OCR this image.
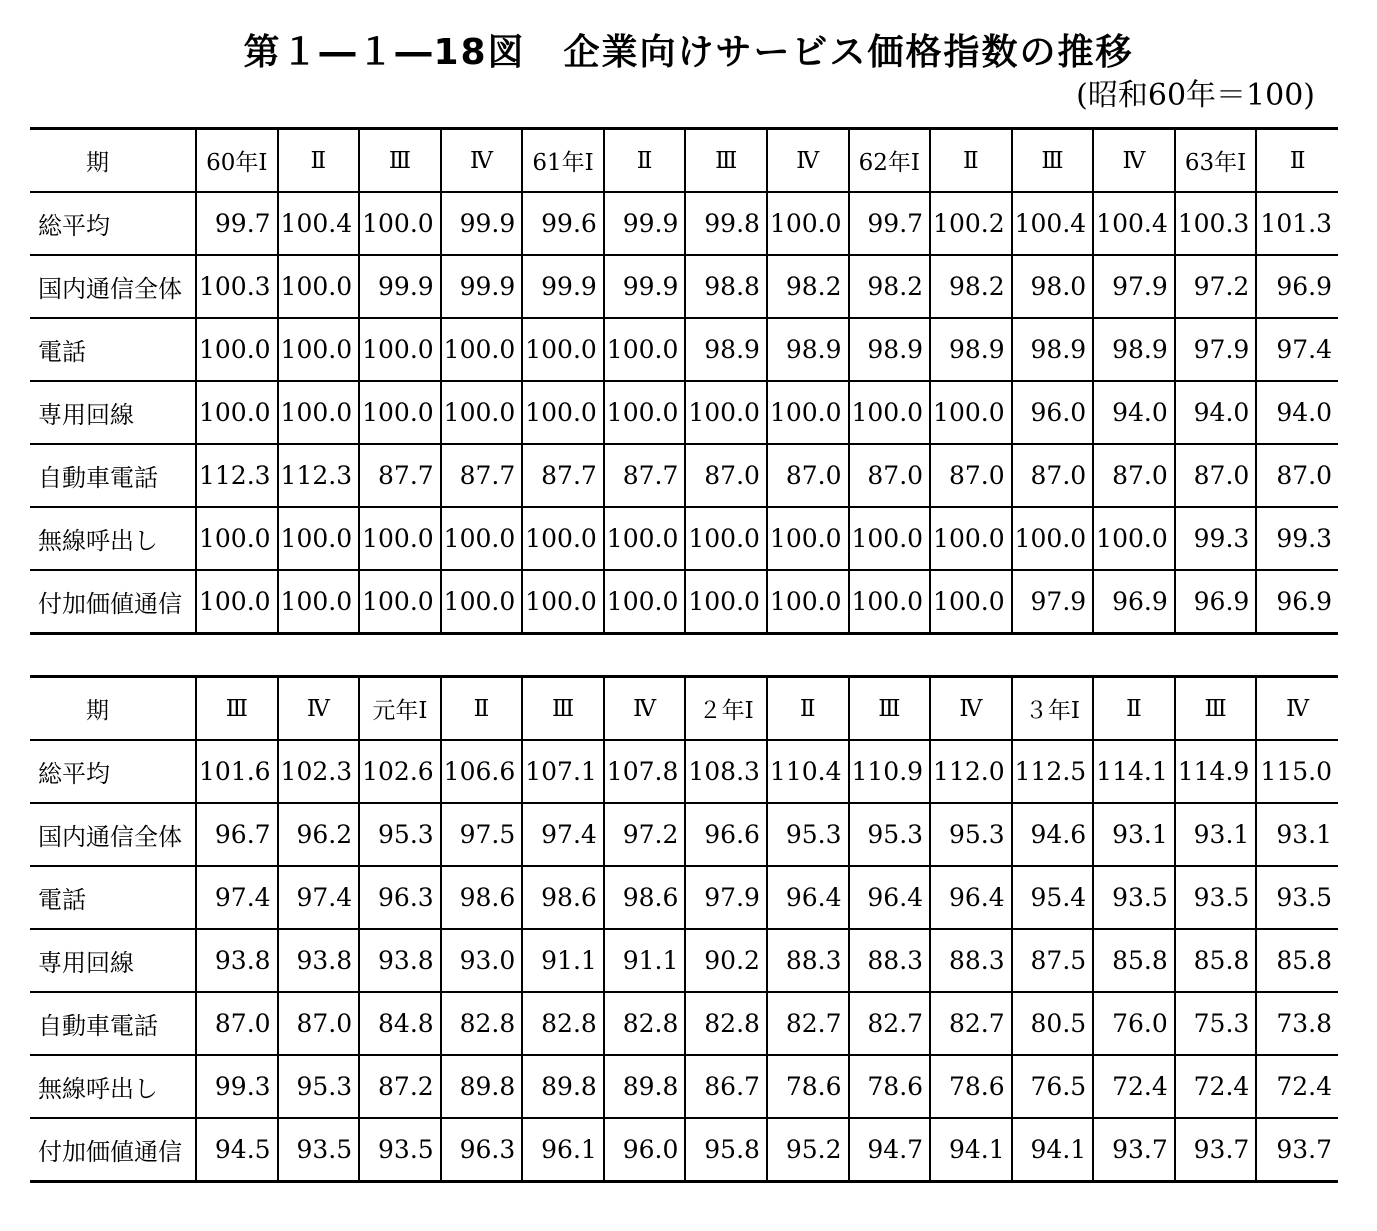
第１―１―18図　企業向けサービス価格指数の推移
(昭和60年＝100)
期	60年Ⅰ	Ⅱ	Ⅲ	Ⅳ	61年Ⅰ	Ⅱ	Ⅲ	Ⅳ	62年Ⅰ	Ⅱ	Ⅲ	Ⅳ	63年Ⅰ	Ⅱ
総平均	99.7	100.4	100.0	99.9	99.6	99.9	99.8	100.0	99.7	100.2	100.4	100.4	100.3	101.3
国内通信全体	100.3	100.0	99.9	99.9	99.9	99.9	98.8	98.2	98.2	98.2	98.0	97.9	97.2	96.9
電話	100.0	100.0	100.0	100.0	100.0	100.0	98.9	98.9	98.9	98.9	98.9	98.9	97.9	97.4
専用回線	100.0	100.0	100.0	100.0	100.0	100.0	100.0	100.0	100.0	100.0	96.0	94.0	94.0	94.0
自動車電話	112.3	112.3	87.7	87.7	87.7	87.7	87.0	87.0	87.0	87.0	87.0	87.0	87.0	87.0
無線呼出し	100.0	100.0	100.0	100.0	100.0	100.0	100.0	100.0	100.0	100.0	100.0	100.0	99.3	99.3
付加価値通信	100.0	100.0	100.0	100.0	100.0	100.0	100.0	100.0	100.0	100.0	97.9	96.9	96.9	96.9
期	Ⅲ	Ⅳ	元年Ⅰ	Ⅱ	Ⅲ	Ⅳ	２年Ⅰ	Ⅱ	Ⅲ	Ⅳ	３年Ⅰ	Ⅱ	Ⅲ	Ⅳ
総平均	101.6	102.3	102.6	106.6	107.1	107.8	108.3	110.4	110.9	112.0	112.5	114.1	114.9	115.0
国内通信全体	96.7	96.2	95.3	97.5	97.4	97.2	96.6	95.3	95.3	95.3	94.6	93.1	93.1	93.1
電話	97.4	97.4	96.3	98.6	98.6	98.6	97.9	96.4	96.4	96.4	95.4	93.5	93.5	93.5
専用回線	93.8	93.8	93.8	93.0	91.1	91.1	90.2	88.3	88.3	88.3	87.5	85.8	85.8	85.8
自動車電話	87.0	87.0	84.8	82.8	82.8	82.8	82.8	82.7	82.7	82.7	80.5	76.0	75.3	73.8
無線呼出し	99.3	95.3	87.2	89.8	89.8	89.8	86.7	78.6	78.6	78.6	76.5	72.4	72.4	72.4
付加価値通信	94.5	93.5	93.5	96.3	96.1	96.0	95.8	95.2	94.7	94.1	94.1	93.7	93.7	93.7
